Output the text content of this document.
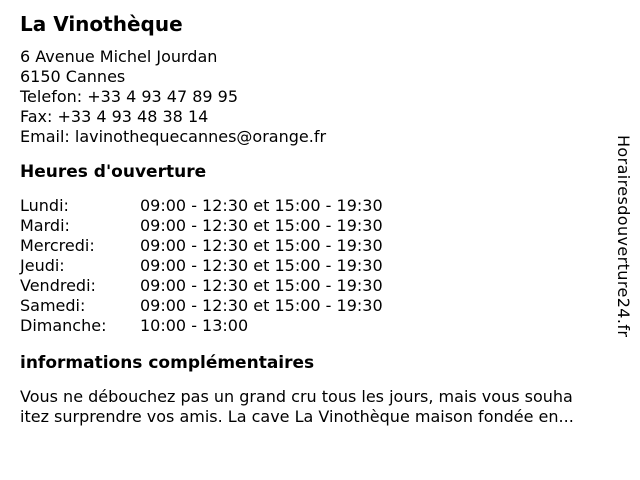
La Vinothèque
6 Avenue Michel Jourdan
6150 Cannes
Telefon: +33 4 93 47 89 95
Fax: +33 4 93 48 38 14
Email: lavinothequecannes@orange.fr
Heures d'ouverture
Lundi:	09:00 - 12:30 et 15:00 - 19:30
Mardi:	09:00 - 12:30 et 15:00 - 19:30
Mercredi:	09:00 - 12:30 et 15:00 - 19:30
Jeudi:	09:00 - 12:30 et 15:00 - 19:30
Vendredi:	09:00 - 12:30 et 15:00 - 19:30
Samedi:	09:00 - 12:30 et 15:00 - 19:30
Dimanche:	10:00 - 13:00
informations complémentaires
Vous ne débouchez pas un grand cru tous les jours, mais vous souha
itez surprendre vos amis. La cave La Vinothèque maison fondée en...
Horairesdouverture24.fr
